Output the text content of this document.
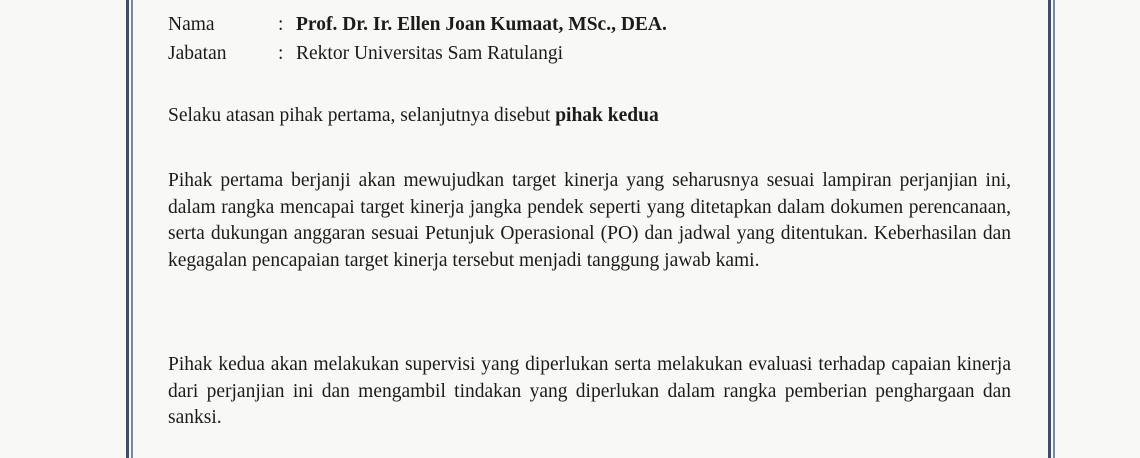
Nama	: Prof. Dr. Ir. Ellen Joan Kumaat, MSc., DEA.
Jabatan	: Rektor Universitas Sam Ratulangi
Selaku atasan pihak pertama, selanjutnya disebut pihak kedua
Pihak pertama berjanji akan mewujudkan target kinerja yang seharusnya sesuai lampiran perjanjian ini, dalam rangka mencapai target kinerja jangka pendek seperti yang ditetapkan dalam dokumen perencanaan, serta dukungan anggaran sesuai Petunjuk Operasional (PO) dan jadwal yang ditentukan. Keberhasilan dan kegagalan pencapaian target kinerja tersebut menjadi tanggung jawab kami.
Pihak kedua akan melakukan supervisi yang diperlukan serta melakukan evaluasi terhadap capaian kinerja dari perjanjian ini dan mengambil tindakan yang diperlukan dalam rangka pemberian penghargaan dan sanksi.
